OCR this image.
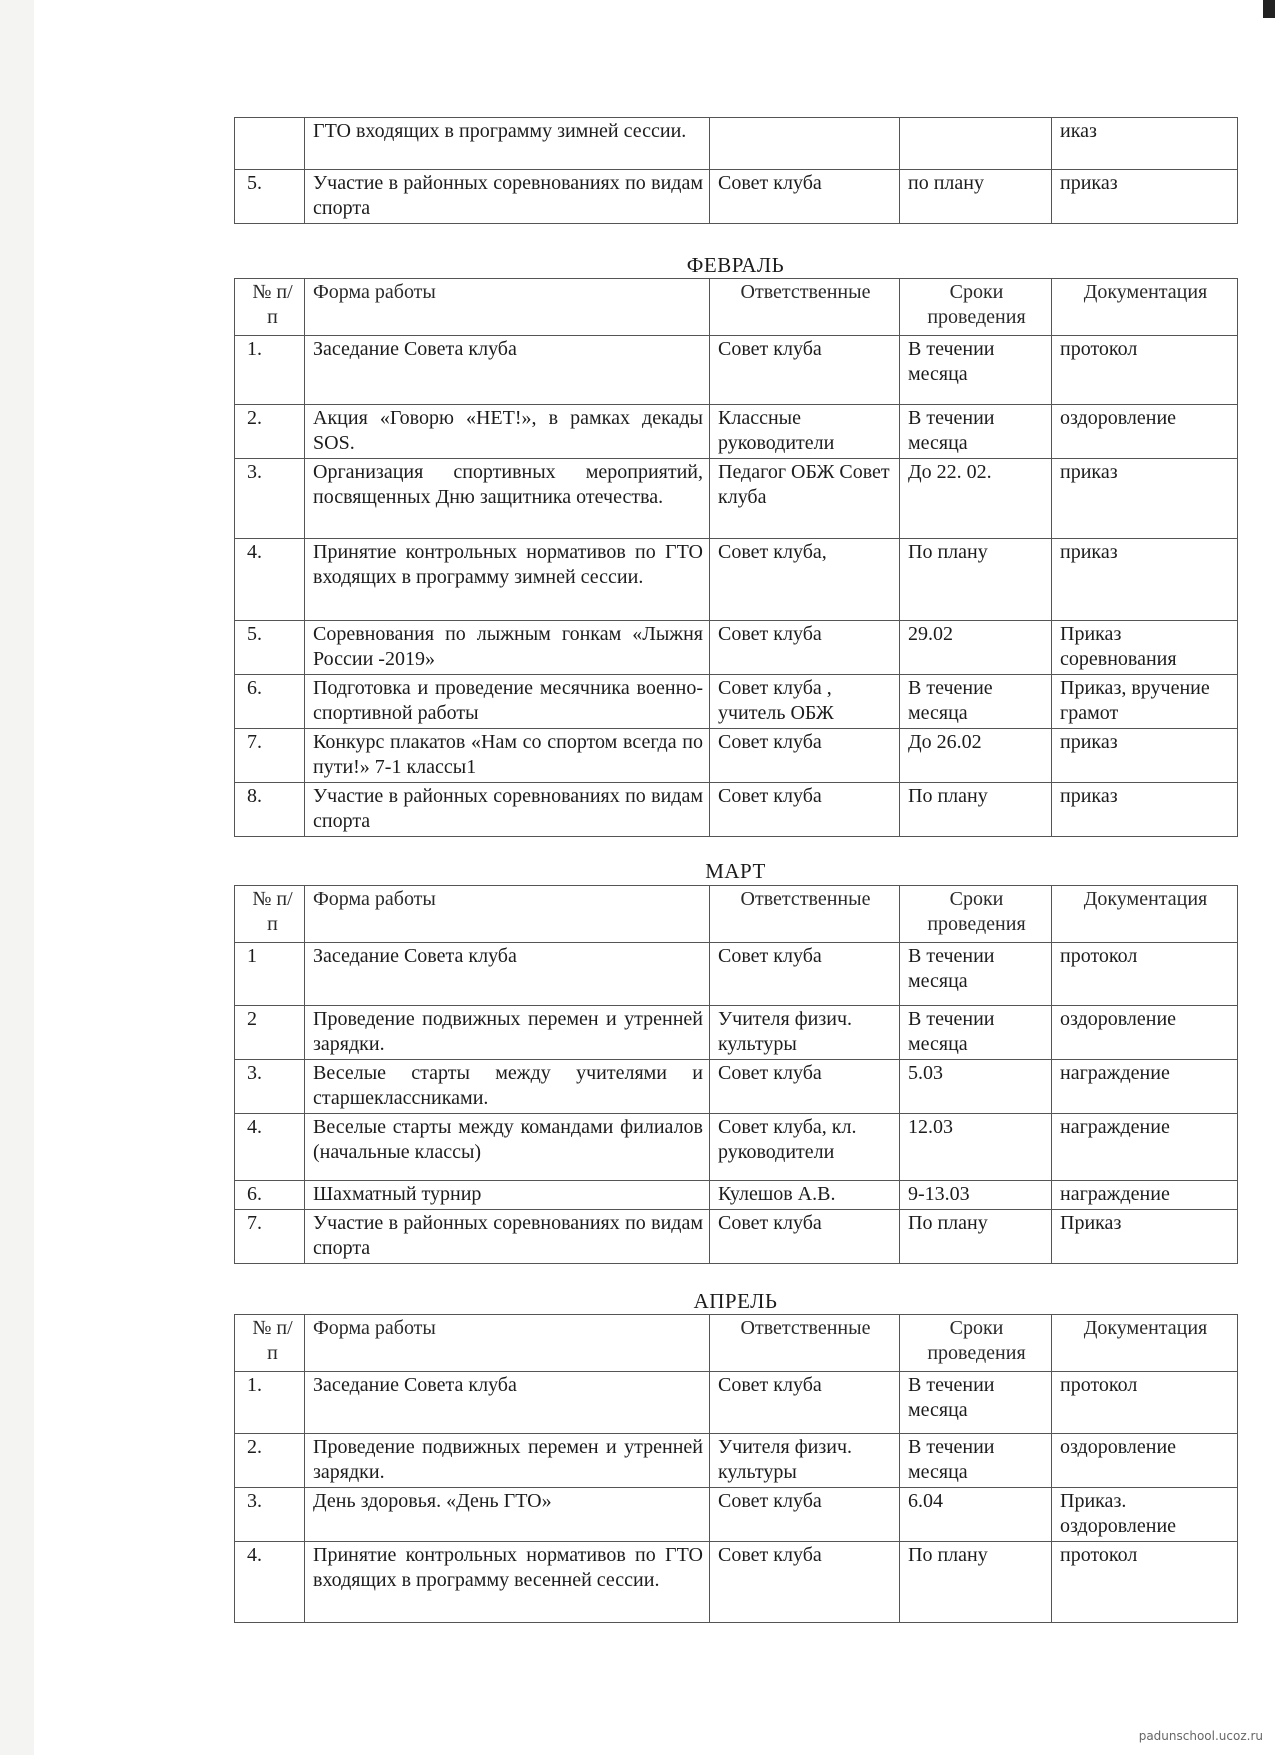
	ГТО входящих в программу зимней сессии.			иказ
5.	Участие в районных соревнованиях по видам спорта	Совет клуба	по плану	приказ
ФЕВРАЛЬ
№ п/п	Форма работы	Ответственные	Сроки проведения	Документация
1.	Заседание Совета клуба	Совет клуба	В течении месяца	протокол
2.	Акция «Говорю «НЕТ!», в рамках декады SOS.	Классные руководители	В течении месяца	оздоровление
3.	Организация спортивных мероприятий, посвященных Дню защитника отечества.	Педагог ОБЖ Совет клуба	До 22. 02.	приказ
4.	Принятие контрольных нормативов по ГТО входящих в программу зимней сессии.	Совет клуба,	По плану	приказ
5.	Соревнования по лыжным гонкам «Лыжня России -2019»	Совет клуба	29.02	Приказ соревнования
6.	Подготовка и проведение месячника военно- спортивной работы	Совет клуба , учитель ОБЖ	В течение месяца	Приказ, вручение грамот
7.	Конкурс плакатов «Нам со спортом всегда по пути!» 7-1 классы1	Совет клуба	До 26.02	приказ
8.	Участие в районных соревнованиях по видам спорта	Совет клуба	По плану	приказ
МАРТ
№ п/п	Форма работы	Ответственные	Сроки проведения	Документация
1	Заседание Совета клуба	Совет клуба	В течении месяца	протокол
2	Проведение подвижных перемен и утренней зарядки.	Учителя физич. культуры	В течении месяца	оздоровление
3.	Веселые старты между учителями и старшеклассниками.	Совет клуба	5.03	награждение
4.	Веселые старты между командами филиалов (начальные классы)	Совет клуба, кл. руководители	12.03	награждение
6.	Шахматный турнир	Кулешов А.В.	9-13.03	награждение
7.	Участие в районных соревнованиях по видам спорта	Совет клуба	По плану	Приказ
АПРЕЛЬ
№ п/п	Форма работы	Ответственные	Сроки проведения	Документация
1.	Заседание Совета клуба	Совет клуба	В течении месяца	протокол
2.	Проведение подвижных перемен и утренней зарядки.	Учителя физич. культуры	В течении месяца	оздоровление
3.	День здоровья. «День ГТО»	Совет клуба	6.04	Приказ. оздоровление
4.	Принятие контрольных нормативов по ГТО входящих в программу весенней сессии.	Совет клуба	По плану	протокол
padunschool.ucoz.ru
